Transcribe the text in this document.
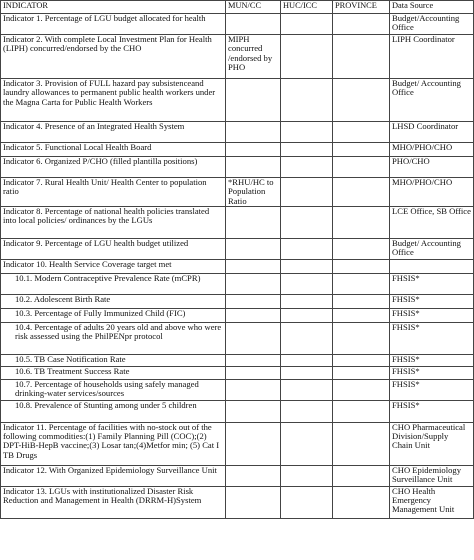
INDICATOR	MUN/CC	HUC/ICC	PROVINCE	Data Source
Indicator 1. Percentage of LGU budget allocated for health				Budget/Accounting Office
Indicator 2. With complete Local Investment Plan for Health (LIPH) concurred/endorsed by the CHO	MIPH concurred /endorsed by PHO			LIPH Coordinator
Indicator 3. Provision of FULL hazard pay subsistenceand laundry allowances to permanent public health workers under the Magna Carta for Public Health Workers				Budget/ Accounting Office
Indicator 4. Presence of an Integrated Health System				LHSD Coordinator
Indicator 5. Functional Local Health Board				MHO/PHO/CHO
Indicator 6. Organized P/CHO (filled plantilla positions)				PHO/CHO
Indicator 7. Rural Health Unit/ Health Center to population ratio	*RHU/HC to Population Ratio			MHO/PHO/CHO
Indicator 8. Percentage of national health policies translated into local policies/ ordinances by the LGUs				LCE Office, SB Office
Indicator 9. Percentage of LGU health budget utilized				Budget/ Accounting Office
Indicator 10. Health Service Coverage target met				
10.1. Modern Contraceptive Prevalence Rate (mCPR)				FHSIS*
10.2. Adolescent Birth Rate				FHSIS*
10.3. Percentage of Fully Immunized Child (FIC)				FHSIS*
10.4. Percentage of adults 20 years old and above who were risk assessed using the PhilPENpr protocol				FHSIS*
10.5. TB Case Notification Rate				FHSIS*
10.6. TB Treatment Success Rate				FHSIS*
10.7. Percentage of households using safely managed drinking-water services/sources				FHSIS*
10.8. Prevalence of Stunting among under 5 children				FHSIS*
Indicator 11. Percentage of facilities with no-stock out of the following commodities:(1) Family Planning Pill (COC);(2) DPT-HiB-HepB vaccine;(3) Losar tan;(4)Metfor min; (5) Cat I TB Drugs				CHO Pharmaceutical Division/Supply Chain Unit
Indicator 12. With Organized Epidemiology Surveillance Unit				CHO Epidemiology Surveillance Unit
Indicator 13. LGUs with institutionalized Disaster Risk Reduction and Management in Health (DRRM-H)System				CHO Health Emergency Management Unit
